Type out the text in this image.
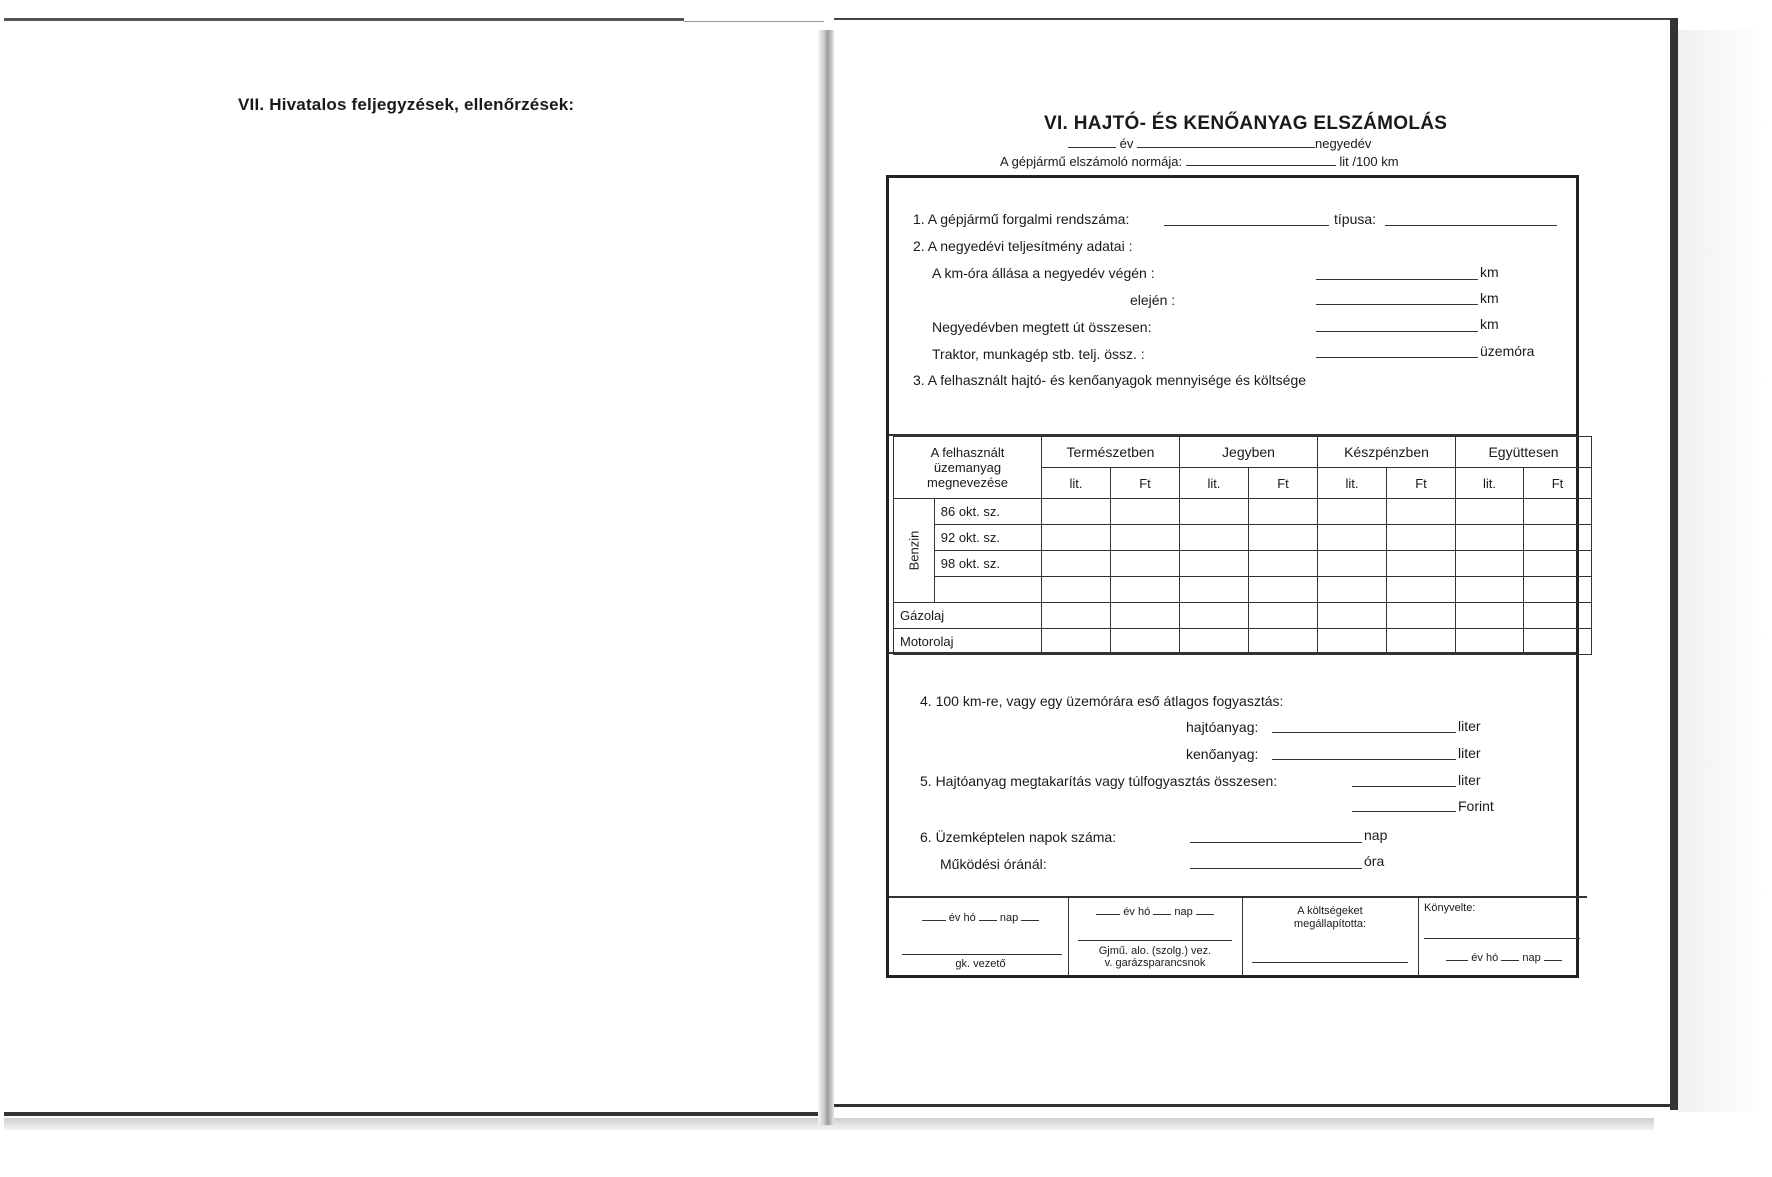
VII. Hivatalos feljegyzések, ellenőrzések:
VI. HAJTÓ- ÉS KENŐANYAG ELSZÁMOLÁS
év	negyedév
A gépjármű elszámoló normája:	lit /100 km
1. A gépjármű forgalmi rendszáma:	típusa:
2. A negyedévi teljesítmény adatai :
A km-óra állása a negyedév végén :	km
elején :	km
Negyedévben megtett út összesen:	km
Traktor, munkagép stb. telj. össz. :	üzemóra
3. A felhasznált hajtó- és kenőanyagok mennyisége és költsége
A felhasznált
üzemanyag
megnevezése		Természetben		Jegyben		Készpénzben		Együttesen	
		lit.	Ft	lit.	Ft	lit.	Ft	lit.	Ft

Benzin	86 okt. sz.								
	92 okt. sz.								
	98 okt. sz.								

Gázolaj									
Motorolaj									
4. 100 km-re, vagy egy üzemórára eső átlagos fogyasztás:
hajtóanyag:	liter
kenőanyag:	liter
5. Hajtóanyag megtakarítás vagy túlfogyasztás összesen:	liter
Forint
6. Üzemképtelen napok száma:	nap
Működési óránál:	óra
év hó nap
gk. vezető
év hó nap
Gjmű. alo. (szolg.) vez.
v. garázsparancsnok
A költségeket
megállapította:
Könyvelte:
év hó nap
